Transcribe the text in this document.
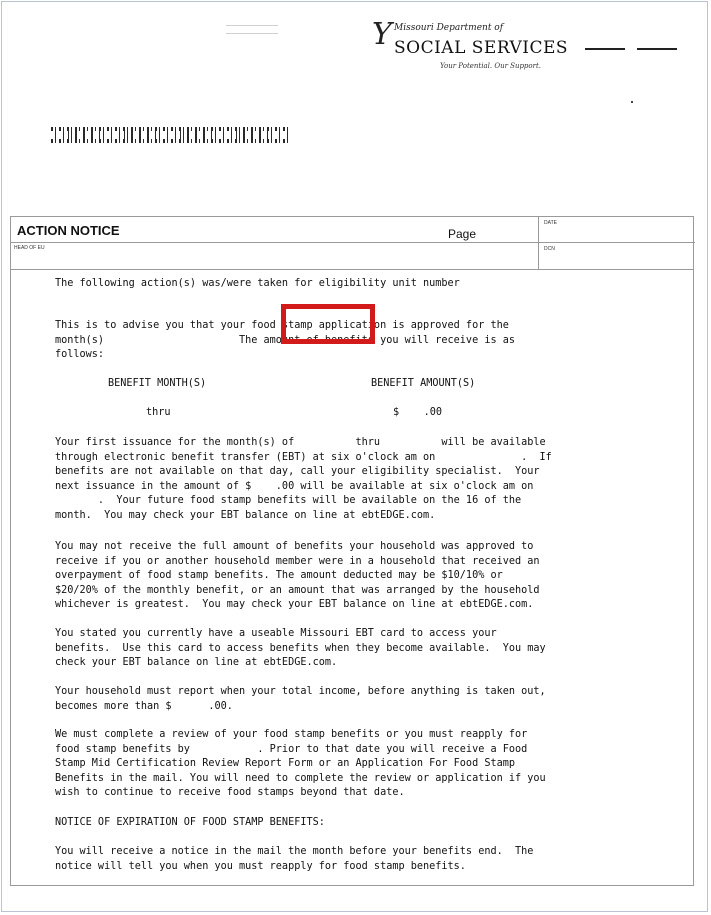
Y Missouri Department of
SOCIAL SERVICES
Your Potential. Our Support.
ACTION NOTICE	Page
DATE
HEAD OF EU	DCN
The following action(s) was/were taken for eligibility unit number
This is to advise you that your food stamp application is approved for the
month(s)                      The amount of benefits you will receive is as
follows:
BENEFIT MONTH(S)	BENEFIT AMOUNT(S)
thru	$    .00
Your first issuance for the month(s) of          thru          will be available
through electronic benefit transfer (EBT) at six o'clock am on              .  If
benefits are not available on that day, call your eligibility specialist.  Your
next issuance in the amount of $    .00 will be available at six o'clock am on
.  Your future food stamp benefits will be available on the 16 of the
month.  You may check your EBT balance on line at ebtEDGE.com.
You may not receive the full amount of benefits your household was approved to
receive if you or another household member were in a household that received an
overpayment of food stamp benefits. The amount deducted may be $10/10% or
$20/20% of the monthly benefit, or an amount that was arranged by the household
whichever is greatest.  You may check your EBT balance on line at ebtEDGE.com.
You stated you currently have a useable Missouri EBT card to access your
benefits.  Use this card to access benefits when they become available.  You may
check your EBT balance on line at ebtEDGE.com.
Your household must report when your total income, before anything is taken out,
becomes more than $      .00.
We must complete a review of your food stamp benefits or you must reapply for
food stamp benefits by           . Prior to that date you will receive a Food
Stamp Mid Certification Review Report Form or an Application For Food Stamp
Benefits in the mail. You will need to complete the review or application if you
wish to continue to receive food stamps beyond that date.
NOTICE OF EXPIRATION OF FOOD STAMP BENEFITS:
You will receive a notice in the mail the month before your benefits end.  The
notice will tell you when you must reapply for food stamp benefits.
